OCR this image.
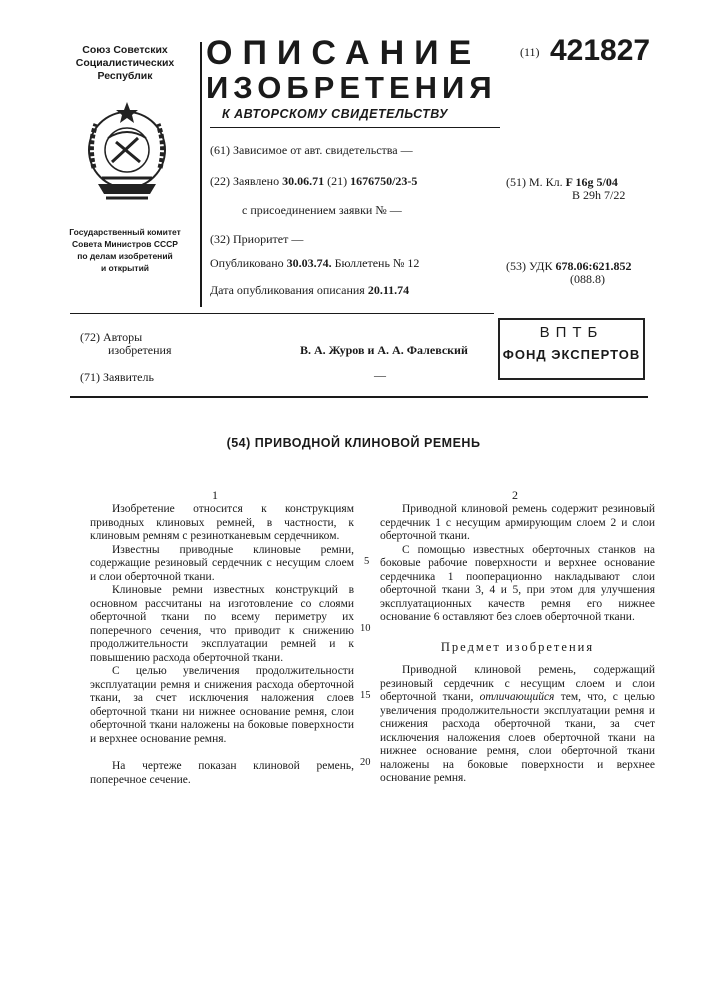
Союз Советских
Социалистических
Республик
Государственный комитет
Совета Министров СССР
по делам изобретений
и открытий
ОПИСАНИЕ
ИЗОБРЕТЕНИЯ
К АВТОРСКОМУ СВИДЕТЕЛЬСТВУ
(11) 421827
(61) Зависимое от авт. свидетельства —
(22) Заявлено 30.06.71 (21) 1676750/23-5
с присоединением заявки № —
(32) Приоритет —
Опубликовано 30.03.74. Бюллетень № 12
Дата опубликования описания 20.11.74
(51) М. Кл. F 16g 5/04
B 29h 7/22
(53) УДК 678.06:621.852
(088.8)
(72) Авторы
изобретения	В. А. Журов и А. А. Фалевский
(71) Заявитель	—
ВПТБ
ФОНД ЭКСПЕРТОВ
(54) ПРИВОДНОЙ КЛИНОВОЙ РЕМЕНЬ
1	2

Изобретение относится к конструкциям приводных клиновых ремней, в частности, к клиновым ремням с резинотканевым сердечником.

Известны приводные клиновые ремни, содержащие резиновый сердечник с несущим слоем и слои оберточной ткани.

Клиновые ремни известных конструкций в основном рассчитаны на изготовление со слоями оберточной ткани по всему периметру их поперечного сечения, что приводит к снижению продолжительности эксплуатации ремней и к повышению расхода оберточной ткани.

С целью увеличения продолжительности эксплуатации ремня и снижения расхода оберточной ткани, за счет исключения наложения слоев оберточной ткани ни нижнее основание ремня, слои оберточной ткани наложены на боковые поверхности и верхнее основание ремня.

На чертеже показан клиновой ремень, поперечное сечение.

5
10
15
20

Приводной клиновой ремень содержит резиновый сердечник 1 с несущим армирующим слоем 2 и слои оберточной ткани.

С помощью известных оберточных станков на боковые рабочие поверхности и верхнее основание сердечника 1 пооперационно накладывают слои оберточной ткани 3, 4 и 5, при этом для улучшения эксплуатационных качеств ремня его нижнее основание 6 оставляют без слоев оберточной ткани.

Предмет изобретения

Приводной клиновой ремень, содержащий резиновый сердечник с несущим слоем и слои оберточной ткани, отличающийся тем, что, с целью увеличения продолжительности эксплуатации ремня и снижения расхода оберточной ткани, за счет исключения наложения слоев оберточной ткани на нижнее основание ремня, слои оберточной ткани наложены на боковые поверхности и верхнее основание ремня.
